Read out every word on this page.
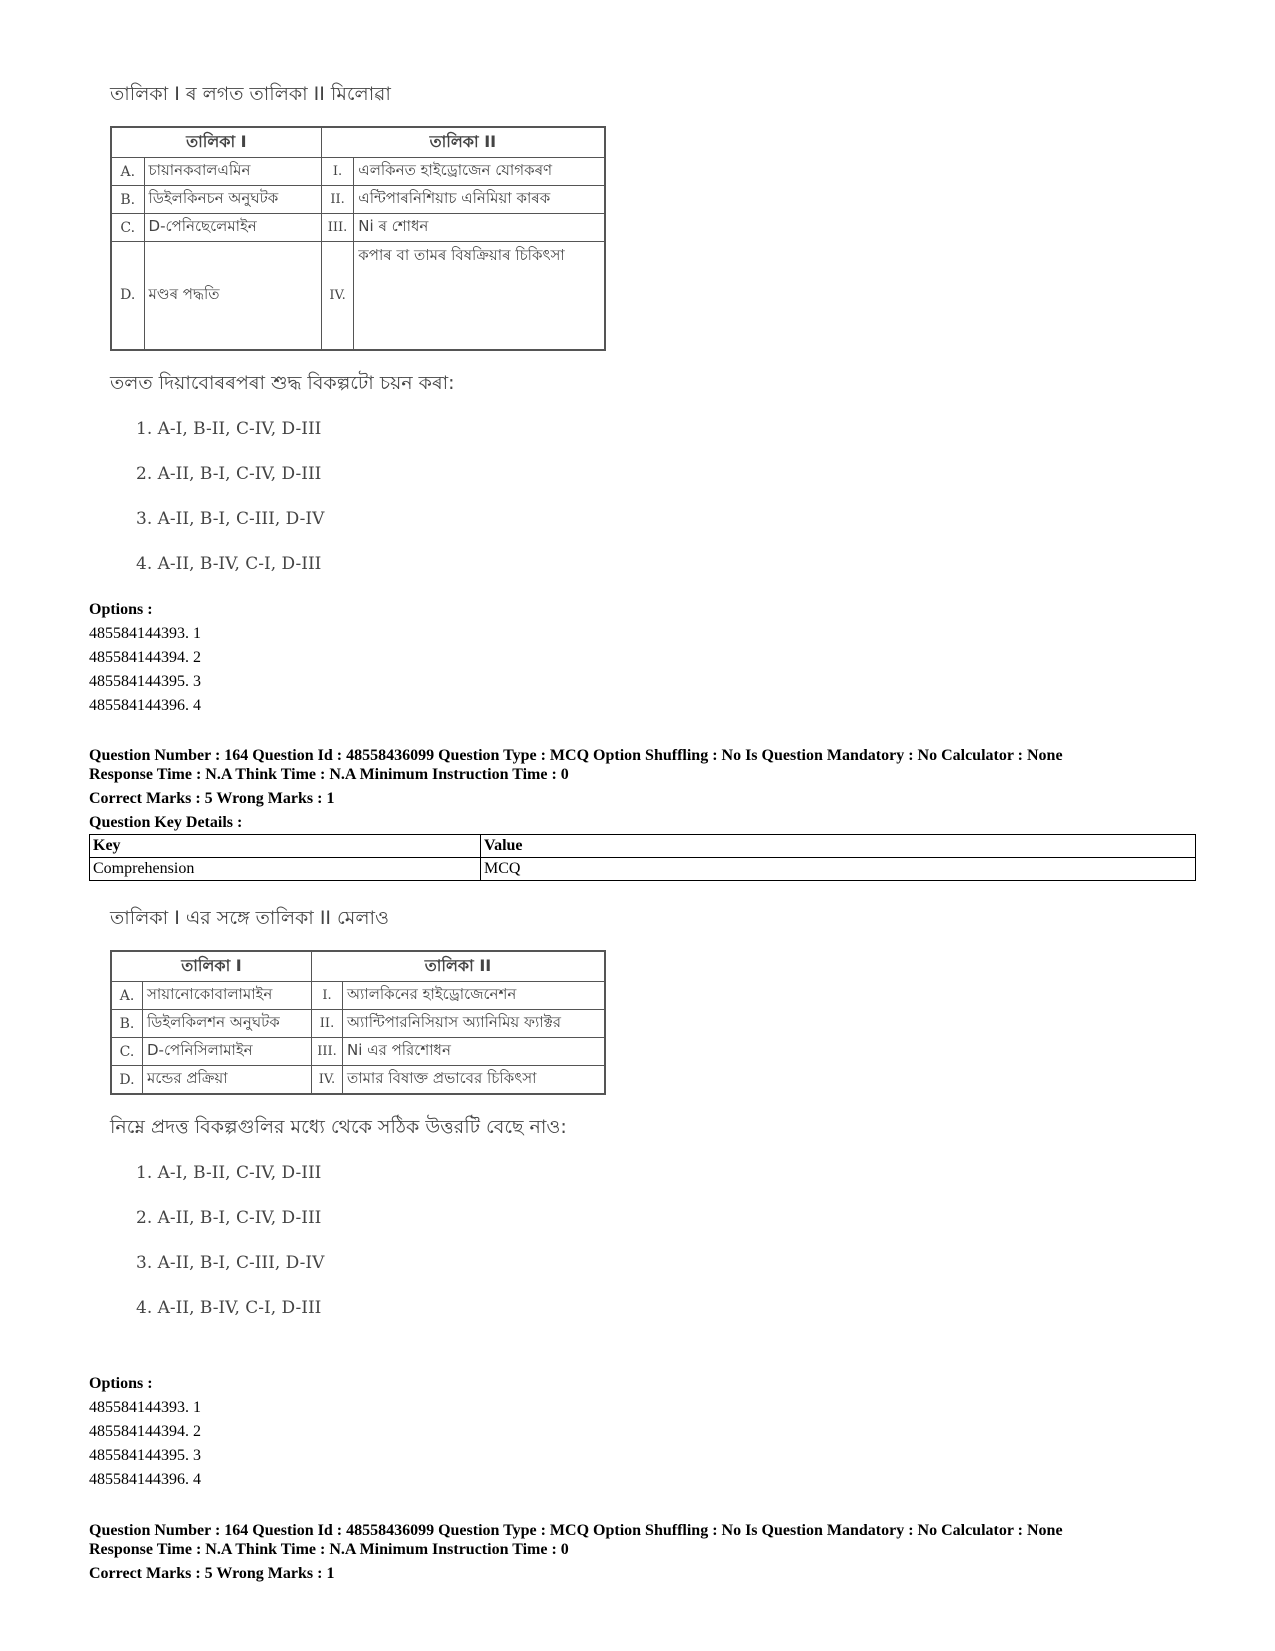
তালিকা I ৰ লগত তালিকা II মিলোৱা
তালিকা I		তালিকা II	
A.	চায়ানকবালএমিন	I.	এলকিনত হাইড্ৰোজেন যোগকৰণ
B.	ডিইলকিনচন অনুঘটক	II.	এন্টিপাৰনিশিয়াচ এনিমিয়া কাৰক
C.	D-পেনিছেলেমাইন	III.	Ni ৰ শোধন
D.	মণ্ডৰ পদ্ধতি	IV.	কপাৰ বা তামৰ বিষক্ৰিয়াৰ চিকিৎসা
তলত দিয়াবোৰৰপৰা শুদ্ধ বিকল্পটো চয়ন কৰা:
1. A-I, B-II, C-IV, D-III
2. A-II, B-I, C-IV, D-III
3. A-II, B-I, C-III, D-IV
4. A-II, B-IV, C-I, D-III
Options :
485584144393. 1
485584144394. 2
485584144395. 3
485584144396. 4
Question Number : 164 Question Id : 48558436099 Question Type : MCQ Option Shuffling : No Is Question Mandatory : No Calculator : None
Response Time : N.A Think Time : N.A Minimum Instruction Time : 0
Correct Marks : 5 Wrong Marks : 1
Question Key Details :
Key	Value
Comprehension	MCQ
তালিকা I এর সঙ্গে তালিকা II মেলাও
তালিকা I		তালিকা II	
A.	সায়ানোকোবালামাইন	I.	অ্যালকিনের হাইড্রোজেনেশন
B.	ডিইলকিলশন অনুঘটক	II.	অ্যান্টিপারনিসিয়াস অ্যানিমিয় ফ্যাক্টর
C.	D-পেনিসিলামাইন	III.	Ni এর পরিশোধন
D.	মন্ডের প্রক্রিয়া	IV.	তামার বিষাক্ত প্রভাবের চিকিৎসা
নিম্নে প্রদত্ত বিকল্পগুলির মধ্যে থেকে সঠিক উত্তরটি বেছে নাও:
1. A-I, B-II, C-IV, D-III
2. A-II, B-I, C-IV, D-III
3. A-II, B-I, C-III, D-IV
4. A-II, B-IV, C-I, D-III
Options :
485584144393. 1
485584144394. 2
485584144395. 3
485584144396. 4
Question Number : 164 Question Id : 48558436099 Question Type : MCQ Option Shuffling : No Is Question Mandatory : No Calculator : None
Response Time : N.A Think Time : N.A Minimum Instruction Time : 0
Correct Marks : 5 Wrong Marks : 1
